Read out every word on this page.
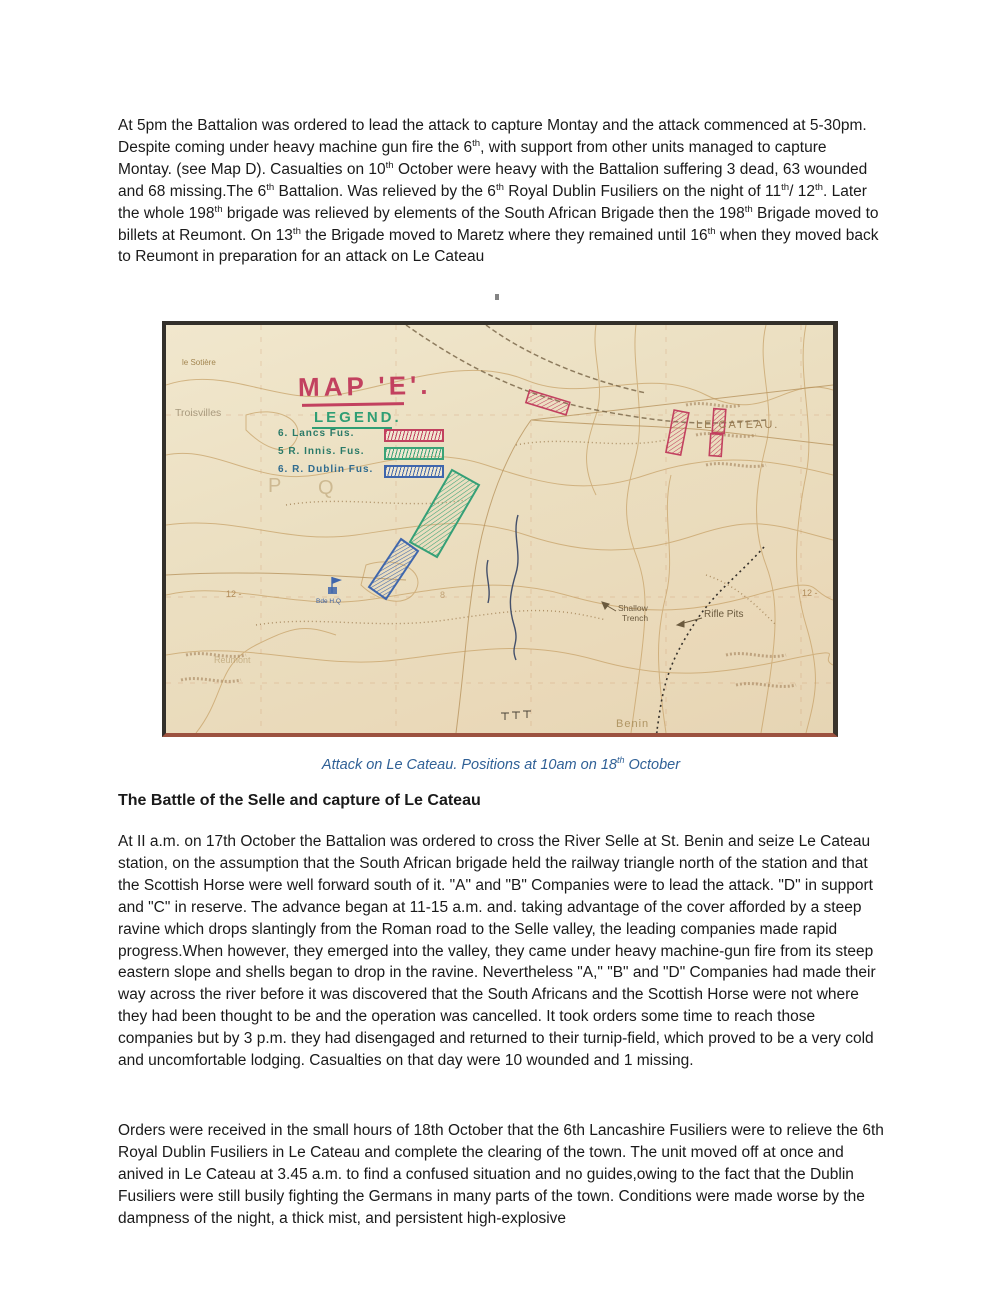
At 5pm the Battalion was ordered to lead the attack to capture Montay and the attack commenced at 5-30pm. Despite coming under heavy machine gun fire the 6th, with support from other units managed to capture Montay. (see Map D). Casualties on 10th October were heavy with the Battalion suffering 3 dead, 63 wounded and 68 missing.The 6th Battalion. Was relieved by the 6th Royal Dublin Fusiliers on the night of 11th/ 12th. Later the whole 198th brigade was relieved by elements of the South African Brigade then the 198th Brigade moved to billets at Reumont. On 13th the Brigade moved to Maretz where they remained until 16th when they moved back to Reumont in preparation for an attack on Le Cateau
MAP 'E'.
LEGEND.
6. Lancs Fus.
5 R. Innis. Fus.
6. R. Dublin Fus.
le Sotière
Troisvilles
P Q
LE CATEAU.
Rifle Pits
Shallow
Trench
Benin
Reumont
Bde H.Q
12 -	8	12 -
Attack on Le Cateau. Positions at 10am on 18th October
The Battle of the Selle and capture of Le Cateau
At II a.m. on 17th October the Battalion was ordered to cross the River Selle at St. Benin and seize Le Cateau station, on the assumption that the South African brigade held the railway triangle north of the station and that the Scottish Horse were well forward south of it. "A" and "B" Companies were to lead the attack. "D" in support and "C" in reserve. The advance began at 11-15 a.m. and. taking advantage of the cover afforded by a steep ravine which drops slantingly from the Roman road to the Selle valley, the leading companies made rapid progress.When however, they emerged into the valley, they came under heavy machine-gun fire from its steep eastern slope and shells began to drop in the ravine. Nevertheless "A," "B" and "D" Companies had made their way across the river before it was discovered that the South Africans and the Scottish Horse were not where they had been thought to be and the operation was cancelled. It took orders some time to reach those companies but by 3 p.m. they had disengaged and returned to their turnip-field, which proved to be a very cold and uncomfortable lodging. Casualties on that day were 10 wounded and 1 missing.
Orders were received in the small hours of 18th October that the 6th Lancashire Fusiliers were to relieve the 6th Royal Dublin Fusiliers in Le Cateau and complete the clearing of the town. The unit moved off at once and anived in Le Cateau at 3.45 a.m. to find a confused situation and no guides,owing to the fact that the Dublin Fusiliers were still busily fighting the Germans in many parts of the town. Conditions were made worse by the dampness of the night, a thick mist, and persistent high-explosive
